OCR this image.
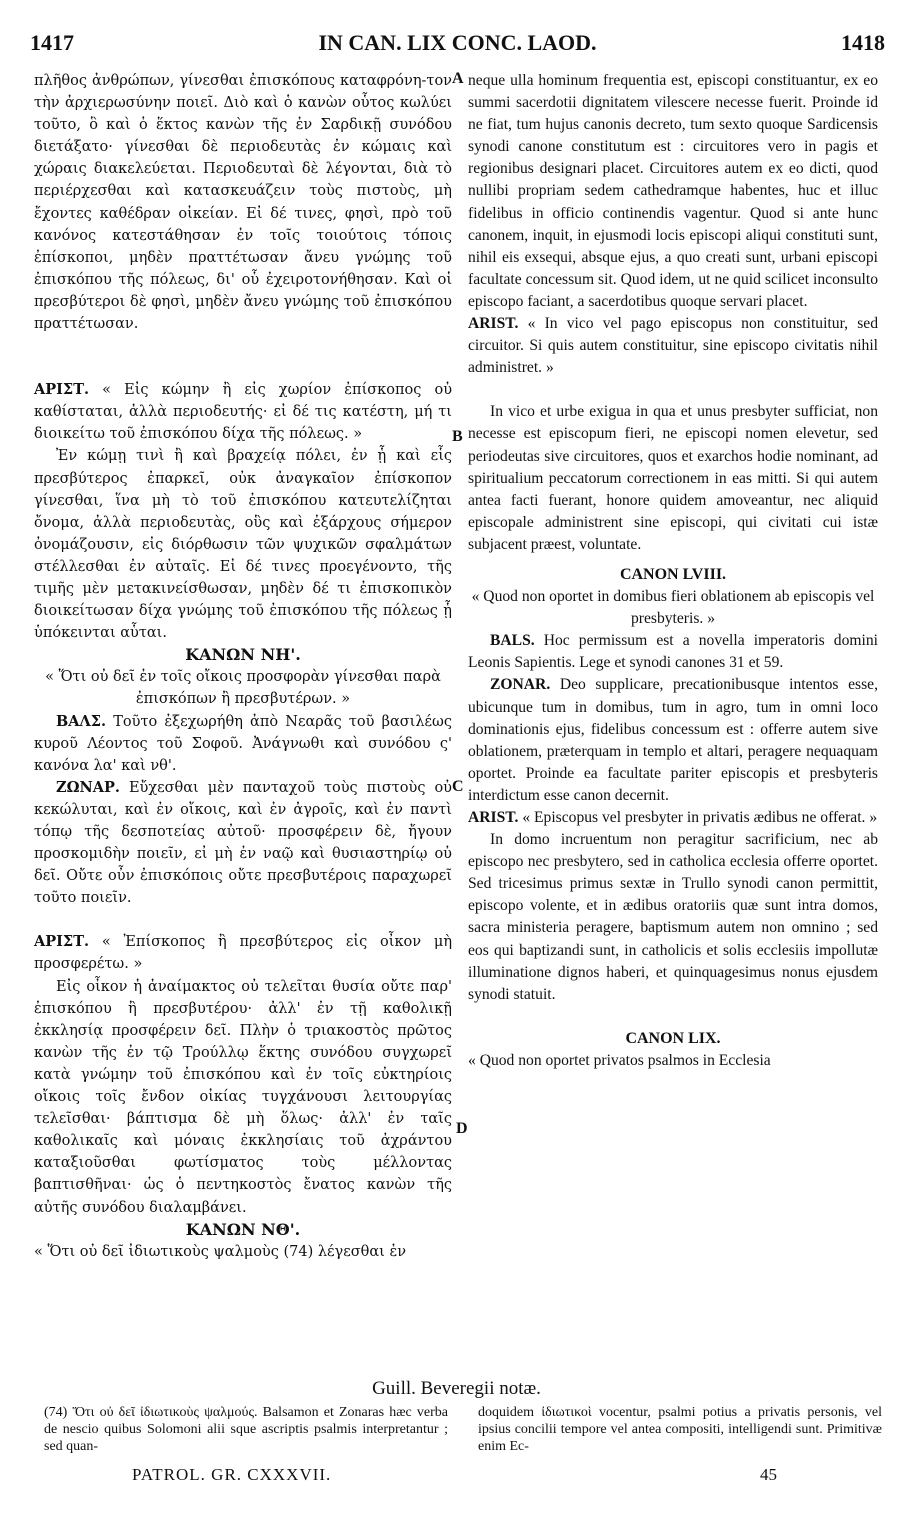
1417	IN CAN. LIX CONC. LAOD.	1418
A
B
C
D

πλῆθος ἀνθρώπων, γίνεσθαι ἐπισκόπους καταφρόνη-τον τὴν ἀρχιερωσύνην ποιεῖ. Διὸ καὶ ὁ κανὼν οὗτος κωλύει τοῦτο, ὃ καὶ ὁ ἕκτος κανὼν τῆς ἐν Σαρδικῇ συνόδου διετάξατο· γίνεσθαι δὲ περιοδευτὰς ἐν κώμαις καὶ χώραις διακελεύεται. Περιοδευταὶ δὲ λέγονται, διὰ τὸ περιέρχεσθαι καὶ κατασκευάζειν τοὺς πιστοὺς, μὴ ἔχοντες καθέδραν οἰκείαν. Εἰ δέ τινες, φησὶ, πρὸ τοῦ κανόνος κατεστάθησαν ἐν τοῖς τοιούτοις τόποις ἐπίσκοποι, μηδὲν πραττέτωσαν ἄνευ γνώμης τοῦ ἐπισκόπου τῆς πόλεως, δι' οὗ ἐχειροτονήθησαν. Καὶ οἱ πρεσβύτεροι δὲ φησὶ, μηδὲν ἄνευ γνώμης τοῦ ἐπισκόπου πραττέτωσαν.

ΑΡΙΣΤ. « Εἰς κώμην ἢ εἰς χωρίον ἐπίσκοπος οὐ καθίσταται, ἀλλὰ περιοδευτής· εἰ δέ τις κατέστη, μή τι διοικείτω τοῦ ἐπισκόπου δίχα τῆς πόλεως. »

Ἐν κώμῃ τινὶ ἢ καὶ βραχείᾳ πόλει, ἐν ᾗ καὶ εἷς πρεσβύτερος ἐπαρκεῖ, οὐκ ἀναγκαῖον ἐπίσκοπον γίνεσθαι, ἵνα μὴ τὸ τοῦ ἐπισκόπου κατευτελίζηται ὄνομα, ἀλλὰ περιοδευτὰς, οὓς καὶ ἐξάρχους σήμερον ὀνομάζουσιν, εἰς διόρθωσιν τῶν ψυχικῶν σφαλμάτων στέλλεσθαι ἐν αὐταῖς. Εἰ δέ τινες προεγένοντο, τῆς τιμῆς μὲν μετακινείσθωσαν, μηδὲν δέ τι ἐπισκοπικὸν διοικείτωσαν δίχα γνώμης τοῦ ἐπισκόπου τῆς πόλεως ᾗ ὑπόκεινται αὗται.

ΚΑΝΩΝ ΝΗ'.

« Ὅτι οὐ δεῖ ἐν τοῖς οἴκοις προσφορὰν γίνεσθαι παρὰ ἐπισκόπων ἢ πρεσβυτέρων. »

ΒΑΛΣ. Τοῦτο ἐξεχωρήθη ἀπὸ Νεαρᾶς τοῦ βασιλέως κυροῦ Λέοντος τοῦ Σοφοῦ. Ἀνάγνωθι καὶ συνόδου ς' κανόνα λα' καὶ νθ'.

ΖΩΝΑΡ. Εὔχεσθαι μὲν πανταχοῦ τοὺς πιστοὺς οὐ κεκώλυται, καὶ ἐν οἴκοις, καὶ ἐν ἀγροῖς, καὶ ἐν παντὶ τόπῳ τῆς δεσποτείας αὐτοῦ· προσφέρειν δὲ, ἤγουν προσκομιδὴν ποιεῖν, εἰ μὴ ἐν ναῷ καὶ θυσιαστηρίῳ οὐ δεῖ. Οὔτε οὖν ἐπισκόποις οὔτε πρεσβυτέροις παραχωρεῖ τοῦτο ποιεῖν.

ΑΡΙΣΤ. « Ἐπίσκοπος ἢ πρεσβύτερος εἰς οἶκον μὴ προσφερέτω. »

Εἰς οἶκον ἡ ἀναίμακτος οὐ τελεῖται θυσία οὔτε παρ' ἐπισκόπου ἢ πρεσβυτέρου· ἀλλ' ἐν τῇ καθολικῇ ἐκκλησίᾳ προσφέρειν δεῖ. Πλὴν ὁ τριακοστὸς πρῶτος κανὼν τῆς ἐν τῷ Τρούλλῳ ἕκτης συνόδου συγχωρεῖ κατὰ γνώμην τοῦ ἐπισκόπου καὶ ἐν τοῖς εὐκτηρίοις οἴκοις τοῖς ἔνδον οἰκίας τυγχάνουσι λειτουργίας τελεῖσθαι· βάπτισμα δὲ μὴ ὅλως· ἀλλ' ἐν ταῖς καθολικαῖς καὶ μόναις ἐκκλησίαις τοῦ ἀχράντου καταξιοῦσθαι φωτίσματος τοὺς μέλλοντας βαπτισθῆναι· ὡς ὁ πεντηκοστὸς ἔνατος κανὼν τῆς αὐτῆς συνόδου διαλαμβάνει.

ΚΑΝΩΝ ΝΘ'.

« Ὅτι οὐ δεῖ ἰδιωτικοὺς ψαλμοὺς (74) λέγεσθαι ἐν

neque ulla hominum frequentia est, episcopi constituantur, ex eo summi sacerdotii dignitatem vilescere necesse fuerit. Proinde id ne fiat, tum hujus canonis decreto, tum sexto quoque Sardicensis synodi canone constitutum est : circuitores vero in pagis et regionibus designari placet. Circuitores autem ex eo dicti, quod nullibi propriam sedem cathedramque habentes, huc et illuc fidelibus in officio continendis vagentur. Quod si ante hunc canonem, inquit, in ejusmodi locis episcopi aliqui constituti sunt, nihil eis exsequi, absque ejus, a quo creati sunt, urbani episcopi facultate concessum sit. Quod idem, ut ne quid scilicet inconsulto episcopo faciant, a sacerdotibus quoque servari placet.

ARIST. « In vico vel pago episcopus non constituitur, sed circuitor. Si quis autem constituitur, sine episcopo civitatis nihil administret. »

In vico et urbe exigua in qua et unus presbyter sufficiat, non necesse est episcopum fieri, ne episcopi nomen elevetur, sed periodeutas sive circuitores, quos et exarchos hodie nominant, ad spiritualium peccatorum correctionem in eas mitti. Si qui autem antea facti fuerant, honore quidem amoveantur, nec aliquid episcopale administrent sine episcopi, qui civitati cui istæ subjacent præest, voluntate.

CANON LVIII.

« Quod non oportet in domibus fieri oblationem ab episcopis vel presbyteris. »

BALS. Hoc permissum est a novella imperatoris domini Leonis Sapientis. Lege et synodi canones 31 et 59.

ZONAR. Deo supplicare, precationibusque intentos esse, ubicunque tum in domibus, tum in agro, tum in omni loco dominationis ejus, fidelibus concessum est : offerre autem sive oblationem, præterquam in templo et altari, peragere nequaquam oportet. Proinde ea facultate pariter episcopis et presbyteris interdictum esse canon decernit.

ARIST. « Episcopus vel presbyter in privatis ædibus ne offerat. »

In domo incruentum non peragitur sacrificium, nec ab episcopo nec presbytero, sed in catholica ecclesia offerre oportet. Sed tricesimus primus sextæ in Trullo synodi canon permittit, episcopo volente, et in ædibus oratoriis quæ sunt intra domos, sacra ministeria peragere, baptismum autem non omnino ; sed eos qui baptizandi sunt, in catholicis et solis ecclesiis impollutæ illuminatione dignos haberi, et quinquagesimus nonus ejusdem synodi statuit.

CANON LIX.

« Quod non oportet privatos psalmos in Ecclesia

Guill. Beveregii notæ.
(74) Ὅτι οὐ δεῖ ἰδιωτικοὺς ψαλμούς. Balsamon et Zonaras hæc verba de nescio quibus Solomoni alii sque ascriptis psalmis interpretantur ; sed quan-
doquidem ἰδιωτικοὶ vocentur, psalmi potius a privatis personis, vel ipsius concilii tempore vel antea compositi, intelligendi sunt. Primitivæ enim Ec-
PATROL. GR. CXXXVII.	45
